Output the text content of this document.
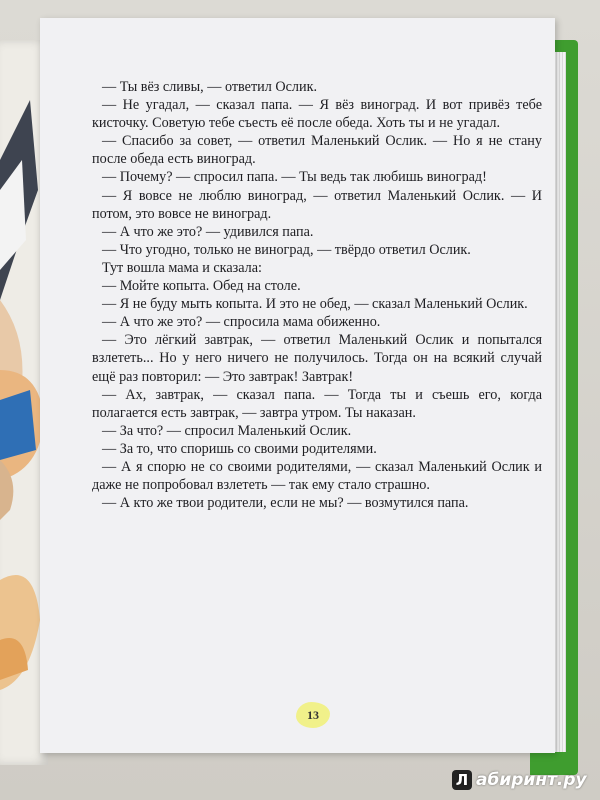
— Ты вёз сливы, — ответил Ослик.

— Не угадал, — сказал папа. — Я вёз виноград. И вот привёз тебе кисточку. Советую тебе съесть её после обеда. Хоть ты и не угадал.

— Спасибо за совет, — ответил Маленький Ослик. — Но я не стану после обеда есть виноград.

— Почему? — спросил папа. — Ты ведь так любишь виноград!

— Я вовсе не люблю виноград, — ответил Маленький Ослик. — И потом, это вовсе не виноград.

— А что же это? — удивился папа.

— Что угодно, только не виноград, — твёрдо ответил Ослик.

Тут вошла мама и сказала:

— Мойте копыта. Обед на столе.

— Я не буду мыть копыта. И это не обед, — сказал Маленький Ослик.

— А что же это? — спросила мама обиженно.

— Это лёгкий завтрак, — ответил Маленький Ослик и попытался взлететь... Но у него ничего не получилось. Тогда он на всякий случай ещё раз повторил: — Это завтрак! Завтрак!

— Ах, завтрак, — сказал папа. — Тогда ты и съешь его, когда полагается есть завтрак, — завтра утром. Ты наказан.

— За что? — спросил Маленький Ослик.

— За то, что споришь со своими родителями.

— А я спорю не со своими родителями, — сказал Маленький Ослик и даже не попробовал взлететь — так ему стало страшно.

— А кто же твои родители, если не мы? — возмутился папа.

13
Л абиринт.ру
